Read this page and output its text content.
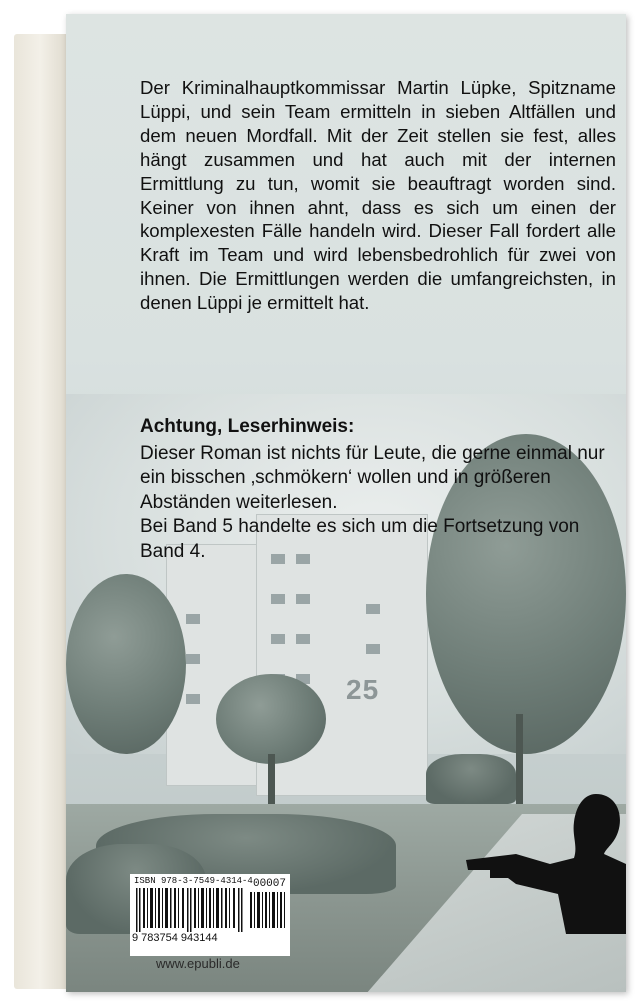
25
Der Kriminalhauptkommissar Martin Lüpke, Spitzname Lüppi, und sein Team ermitteln in sieben Altfällen und dem neuen Mordfall. Mit der Zeit stellen sie fest, alles hängt zusammen und hat auch mit der internen Ermittlung zu tun, womit sie beauftragt worden sind. Keiner von ihnen ahnt, dass es sich um einen der komplexesten Fälle handeln wird. Dieser Fall fordert alle Kraft im Team und wird lebensbedrohlich für zwei von ihnen. Die Ermittlungen werden die umfangreichsten, in denen Lüppi je ermittelt hat.
Achtung, Leserhinweis:

Dieser Roman ist nichts für Leute, die gerne einmal nur ein bisschen ‚schmökern‘ wollen und in größeren Abständen weiterlesen.

Bei Band 5 handelte es sich um die Fortsetzung von Band 4.

ISBN 978-3-7549-4314-4 00007
9 783754 943144
www.epubli.de
